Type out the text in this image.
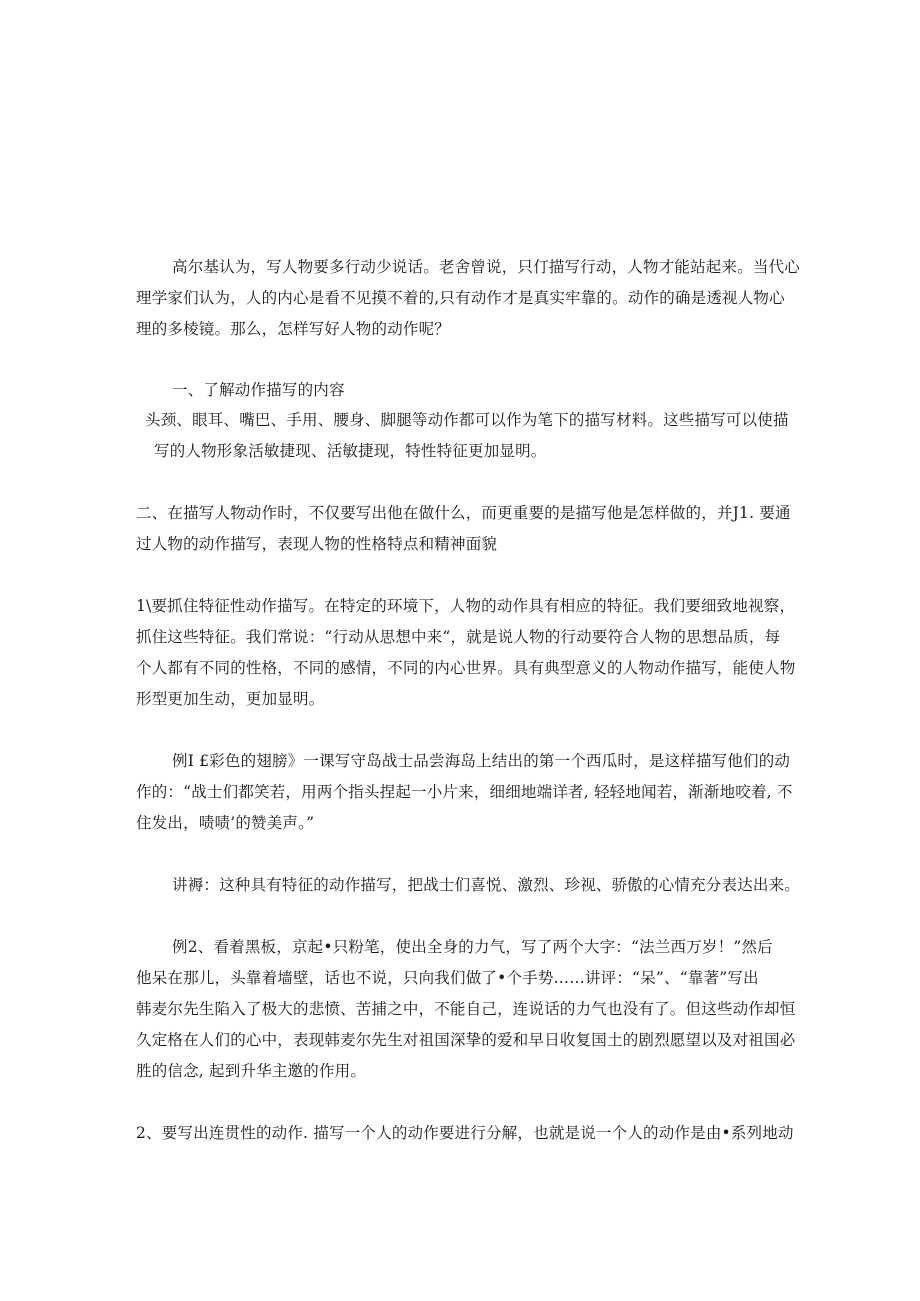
高尔基认为，写人物要多行动少说话。老舍曾说，只仃描写行动，人物才能站起来。当代心
理学家们认为，人的内心是看不见摸不着的,只有动作才是真实牢靠的。动作的确是透视人物心
理的多棱镜。那么，怎样写好人物的动作呢？
一、了解动作描写的内容
头颈、眼耳、嘴巴、手用、腰身、脚腿等动作都可以作为笔下的描写材料。这些描写可以使描
写的人物形象活敏捷现、活敏捷现，特性特征更加显明。
二、在描写人物动作时，不仅要写出他在做什么，而更重要的是描写他是怎样做的，并J1. 要通
过人物的动作描写，表现人物的性格特点和精神面貌
1\要抓住特征性动作描写。在特定的环境下，人物的动作具有相应的特征。我们要细致地视察，
抓住这些特征。我们常说：“行动从思想中来“，就是说人物的行动要符合人物的思想品质，每
个人都有不同的性格，不同的感情，不同的内心世界。具有典型意义的人物动作描写，能使人物
形型更加生动，更加显明。
例I £彩色的翅膀》一课写守岛战士品尝海岛上结出的第一个西瓜时，是这样描写他们的动
作的：“战士们都笑若，用两个指头捏起一小片来，细细地端详者, 轻轻地闻若，渐渐地咬着, 不
住发出，啧啧’的赞美声。”
讲褥：这种具有特征的动作描写，把战士们喜悦、激烈、珍视、骄傲的心情充分表达出来。
例2、看着黑板，京起•只粉笔，使出全身的力气，写了两个大字：“法兰西万岁！”然后
他呆在那儿，头靠着墙壁，话也不说，只向我们做了•个手势……讲评：“呆”、“靠著”写出
韩麦尔先生陷入了极大的悲愤、苦捕之中，不能自己，连说话的力气也没有了。但这些动作却恒
久定格在人们的心中，表现韩麦尔先生对祖国深挚的爱和早日收复国土的剧烈愿望以及对祖国必
胜的信念, 起到升华主邀的作用。
2、要写出连贯性的动作. 描写一个人的动作要进行分解，也就是说一个人的动作是由•系列地动
